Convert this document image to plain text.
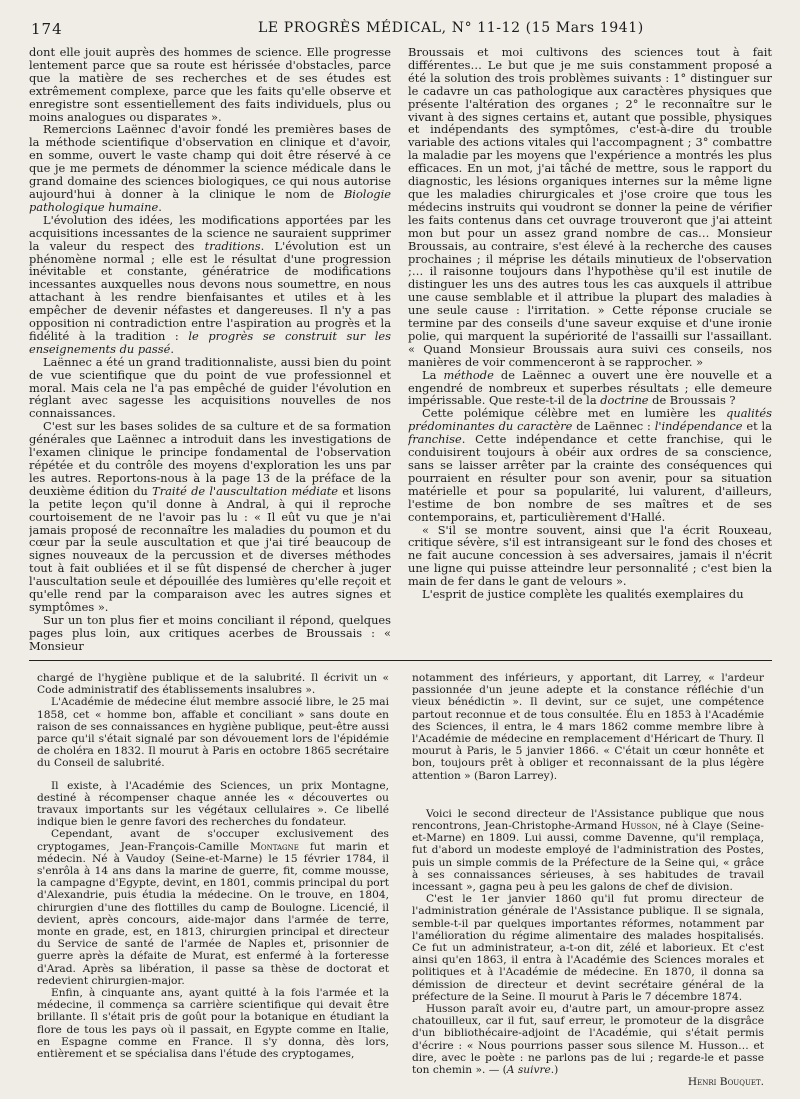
174	LE PROGRÈS MÉDICAL, N° 11-12 (15 Mars 1941)

dont elle jouit auprès des hommes de science. Elle progresse lentement parce que sa route est hérissée d'obstacles, parce que la matière de ses recherches et de ses études est extrêmement complexe, parce que les faits qu'elle observe et enregistre sont essentiellement des faits individuels, plus ou moins analogues ou disparates ».

Remercions Laënnec d'avoir fondé les premières bases de la méthode scientifique d'observation en clinique et d'avoir, en somme, ouvert le vaste champ qui doit être réservé à ce que je me permets de dénommer la science médicale dans le grand domaine des sciences biologiques, ce qui nous autorise aujourd'hui à donner à la clinique le nom de Biologie pathologique humaine.

L'évolution des idées, les modifications apportées par les acquisitions incessantes de la science ne sauraient supprimer la valeur du respect des traditions. L'évolution est un phénomène normal ; elle est le résultat d'une progression inévitable et constante, génératrice de modifications incessantes auxquelles nous devons nous soumettre, en nous attachant à les rendre bienfaisantes et utiles et à les empêcher de devenir néfastes et dangereuses. Il n'y a pas opposition ni contradiction entre l'aspiration au progrès et la fidélité à la tradition : le progrès se construit sur les enseignements du passé.

Laënnec a été un grand traditionnaliste, aussi bien du point de vue scientifique que du point de vue professionnel et moral. Mais cela ne l'a pas empêché de guider l'évolution en réglant avec sagesse les acquisitions nouvelles de nos connaissances.

C'est sur les bases solides de sa culture et de sa formation générales que Laënnec a introduit dans les investigations de l'examen clinique le principe fondamental de l'observation répétée et du contrôle des moyens d'exploration les uns par les autres. Reportons-nous à la page 13 de la préface de la deuxième édition du Traité de l'auscultation médiate et lisons la petite leçon qu'il donne à Andral, à qui il reproche courtoisement de ne l'avoir pas lu : « Il eût vu que je n'ai jamais proposé de reconnaître les maladies du poumon et du cœur par la seule auscultation et que j'ai tiré beaucoup de signes nouveaux de la percussion et de diverses méthodes tout à fait oubliées et il se fût dispensé de chercher à juger l'auscultation seule et dépouillée des lumières qu'elle reçoit et qu'elle rend par la comparaison avec les autres signes et symptômes ».

Sur un ton plus fier et moins conciliant il répond, quelques pages plus loin, aux critiques acerbes de Broussais : « Monsieur

Broussais et moi cultivons des sciences tout à fait différentes… Le but que je me suis constamment proposé a été la solution des trois problèmes suivants : 1° distinguer sur le cadavre un cas pathologique aux caractères physiques que présente l'altération des organes ; 2° le reconnaître sur le vivant à des signes certains et, autant que possible, physiques et indépendants des symptômes, c'est-à-dire du trouble variable des actions vitales qui l'accompagnent ; 3° combattre la maladie par les moyens que l'expérience a montrés les plus efficaces. En un mot, j'ai tâché de mettre, sous le rapport du diagnostic, les lésions organiques internes sur la même ligne que les maladies chirurgicales et j'ose croire que tous les médecins instruits qui voudront se donner la peine de vérifier les faits contenus dans cet ouvrage trouveront que j'ai atteint mon but pour un assez grand nombre de cas… Monsieur Broussais, au contraire, s'est élevé à la recherche des causes prochaines ; il méprise les détails minutieux de l'observation ;… il raisonne toujours dans l'hypothèse qu'il est inutile de distinguer les uns des autres tous les cas auxquels il attribue une cause semblable et il attribue la plupart des maladies à une seule cause : l'irritation. » Cette réponse cruciale se termine par des conseils d'une saveur exquise et d'une ironie polie, qui marquent la supériorité de l'assailli sur l'assaillant. « Quand Monsieur Broussais aura suivi ces conseils, nos manières de voir commenceront à se rapprocher. »

La méthode de Laënnec a ouvert une ère nouvelle et a engendré de nombreux et superbes résultats ; elle demeure impérissable. Que reste-t-il de la doctrine de Broussais ?

Cette polémique célèbre met en lumière les qualités prédominantes du caractère de Laënnec : l'indépendance et la franchise. Cette indépendance et cette franchise, qui le conduisirent toujours à obéir aux ordres de sa conscience, sans se laisser arrêter par la crainte des conséquences qui pourraient en résulter pour son avenir, pour sa situation matérielle et pour sa popularité, lui valurent, d'ailleurs, l'estime de bon nombre de ses maîtres et de ses contemporains, et, particulièrement d'Hallé.

« S'il se montre souvent, ainsi que l'a écrit Rouxeau, critique sévère, s'il est intransigeant sur le fond des choses et ne fait aucune concession à ses adversaires, jamais il n'écrit une ligne qui puisse atteindre leur personnalité ; c'est bien la main de fer dans le gant de velours ».

L'esprit de justice complète les qualités exemplaires du

chargé de l'hygiène publique et de la salubrité. Il écrivit un « Code administratif des établissements insalubres ».

L'Académie de médecine élut membre associé libre, le 25 mai 1858, cet « homme bon, affable et conciliant » sans doute en raison de ses connaissances en hygiène publique, peut-être aussi parce qu'il s'était signalé par son dévouement lors de l'épidémie de choléra en 1832. Il mourut à Paris en octobre 1865 secrétaire du Conseil de salubrité.

Il existe, à l'Académie des Sciences, un prix Montagne, destiné à récompenser chaque année les « découvertes ou travaux importants sur les végétaux cellulaires ». Ce libellé indique bien le genre favori des recherches du fondateur.

Cependant, avant de s'occuper exclusivement des cryptogames, Jean-François-Camille Montagne fut marin et médecin. Né à Vaudoy (Seine-et-Marne) le 15 février 1784, il s'enrôla à 14 ans dans la marine de guerre, fit, comme mousse, la campagne d'Egypte, devint, en 1801, commis principal du port d'Alexandrie, puis étudia la médecine. On le trouve, en 1804, chirurgien d'une des flottilles du camp de Boulogne. Licencié, il devient, après concours, aide-major dans l'armée de terre, monte en grade, est, en 1813, chirurgien principal et directeur du Service de santé de l'armée de Naples et, prisonnier de guerre après la défaite de Murat, est enfermé à la forteresse d'Arad. Après sa libération, il passe sa thèse de doctorat et redevient chirurgien-major.

Enfin, à cinquante ans, ayant quitté à la fois l'armée et la médecine, il commença sa carrière scientifique qui devait être brillante. Il s'était pris de goût pour la botanique en étudiant la flore de tous les pays où il passait, en Egypte comme en Italie, en Espagne comme en France. Il s'y donna, dès lors, entièrement et se spécialisa dans l'étude des cryptogames,

notamment des inférieurs, y apportant, dit Larrey, « l'ardeur passionnée d'un jeune adepte et la constance réfléchie d'un vieux bénédictin ». Il devint, sur ce sujet, une compétence partout reconnue et de tous consultée. Élu en 1853 à l'Académie des Sciences, il entra, le 4 mars 1862 comme membre libre à l'Académie de médecine en remplacement d'Héricart de Thury. Il mourut à Paris, le 5 janvier 1866. « C'était un cœur honnête et bon, toujours prêt à obliger et reconnaissant de la plus légère attention » (Baron Larrey).

Voici le second directeur de l'Assistance publique que nous rencontrons, Jean-Christophe-Armand Husson, né à Claye (Seine-et-Marne) en 1809. Lui aussi, comme Davenne, qu'il remplaça, fut d'abord un modeste employé de l'administration des Postes, puis un simple commis de la Préfecture de la Seine qui, « grâce à ses connaissances sérieuses, à ses habitudes de travail incessant », gagna peu à peu les galons de chef de division.

C'est le 1er janvier 1860 qu'il fut promu directeur de l'administration générale de l'Assistance publique. Il se signala, semble-t-il par quelques importantes réformes, notamment par l'amélioration du régime alimentaire des malades hospitalisés. Ce fut un administrateur, a-t-on dit, zélé et laborieux. Et c'est ainsi qu'en 1863, il entra à l'Académie des Sciences morales et politiques et à l'Académie de médecine. En 1870, il donna sa démission de directeur et devint secrétaire général de la préfecture de la Seine. Il mourut à Paris le 7 décembre 1874.

Husson paraît avoir eu, d'autre part, un amour-propre assez chatouilleux, car il fut, sauf erreur, le promoteur de la disgrâce d'un bibliothécaire-adjoint de l'Académie, qui s'était permis d'écrire : « Nous pourrions passer sous silence M. Husson… et dire, avec le poète : ne parlons pas de lui ; regarde-le et passe ton chemin ». — (A suivre.)
Henri Bouquet.
